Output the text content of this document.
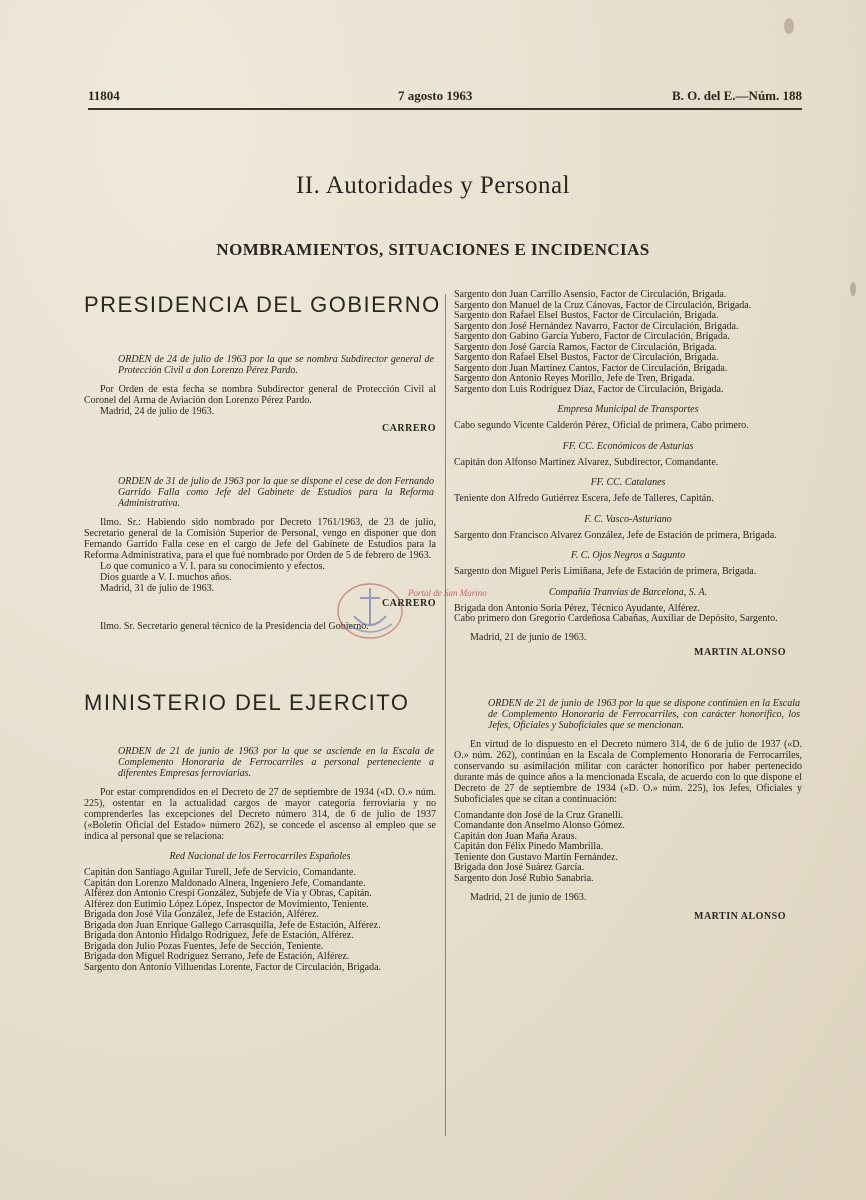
11804	7 agosto 1963	B. O. del E.—Núm. 188
II. Autoridades y Personal
NOMBRAMIENTOS, SITUACIONES E INCIDENCIAS
PRESIDENCIA DEL GOBIERNO
ORDEN de 24 de julio de 1963 por la que se nombra Subdirector general de Protección Civil a don Lorenzo Pérez Pardo.

Por Orden de esta fecha se nombra Subdirector general de Protección Civil al Coronel del Arma de Aviación don Lorenzo Pérez Pardo.

Madrid, 24 de julio de 1963.
CARRERO
ORDEN de 31 de julio de 1963 por la que se dispone el cese de don Fernando Garrido Falla como Jefe del Gabinete de Estudios para la Reforma Administrativa.

Ilmo. Sr.: Habiendo sido nombrado por Decreto 1761/1963, de 23 de julio, Secretario general de la Comisión Superior de Personal, vengo en disponer que don Fernando Garrido Falla cese en el cargo de Jefe del Gabinete de Estudios para la Reforma Administrativa, para el que fué nombrado por Orden de 5 de febrero de 1963.

Lo que comunico a V. I. para su conocimiento y efectos.

Dios guarde a V. I. muchos años.

Madrid, 31 de julio de 1963.
CARRERO

Ilmo. Sr. Secretario general técnico de la Presidencia del Gobierno.

MINISTERIO DEL EJERCITO
ORDEN de 21 de junio de 1963 por la que se asciende en la Escala de Complemento Honoraria de Ferrocarriles a personal perteneciente a diferentes Empresas ferroviarias.

Por estar comprendidos en el Decreto de 27 de septiembre de 1934 («D. O.» núm. 225), ostentar en la actualidad cargos de mayor categoría ferroviaria y no comprenderles las excepciones del Decreto número 314, de 6 de julio de 1937 («Boletín Oficial del Estado» número 262), se concede el ascenso al empleo que se indica al personal que se relaciona:

Red Nacional de los Ferrocarriles Españoles
Capitán don Santiago Aguilar Turell, Jefe de Servicio, Comandante.
Capitán don Lorenzo Maldonado Alnera, Ingeniero Jefe, Comandante.
Alférez don Antonio Crespí González, Subjefe de Vía y Obras, Capitán.
Alférez don Eutimio López López, Inspector de Movimiento, Teniente.
Brigada don José Vila González, Jefe de Estación, Alférez.
Brigada don Juan Enrique Gallego Carrasquilla, Jefe de Estación, Alférez.
Brigada don Antonio Hidalgo Rodríguez, Jefe de Estación, Alférez.
Brigada don Julio Pozas Fuentes, Jefe de Sección, Teniente.
Brigada don Miguel Rodríguez Serrano, Jefe de Estación, Alférez.
Sargento don Antonio Villuendas Lorente, Factor de Circulación, Brigada.
Sargento don Juan Carrillo Asensio, Factor de Circulación, Brigada.
Sargento don Manuel de la Cruz Cánovas, Factor de Circulación, Brigada.
Sargento don Rafael Elsel Bustos, Factor de Circulación, Brigada.
Sargento don José Hernández Navarro, Factor de Circulación, Brigada.
Sargento don Gabino García Yubero, Factor de Circulación, Brigada.
Sargento don José García Ramos, Factor de Circulación, Brigada.
Sargento don Rafael Elsel Bustos, Factor de Circulación, Brigada.
Sargento don Juan Martínez Cantos, Factor de Circulación, Brigada.
Sargento don Antonio Reyes Morillo, Jefe de Tren, Brigada.
Sargento don Luis Rodríguez Díaz, Factor de Circulación, Brigada.
Empresa Municipal de Transportes
Cabo segundo Vicente Calderón Pérez, Oficial de primera, Cabo primero.
FF. CC. Económicos de Asturias
Capitán don Alfonso Martínez Alvarez, Subdirector, Comandante.
FF. CC. Catalanes
Teniente don Alfredo Gutiérrez Escera, Jefe de Talleres, Capitán.
F. C. Vasco-Asturiano
Sargento don Francisco Alvarez González, Jefe de Estación de primera, Brigada.
F. C. Ojos Negros a Sagunto
Sargento don Miguel Peris Limiñana, Jefe de Estación de primera, Brigada.
Compañía Tranvías de Barcelona, S. A.
Brigada don Antonio Soria Pérez, Técnico Ayudante, Alférez.
Cabo primero don Gregorio Cardeñosa Cabañas, Auxiliar de Depósito, Sargento.
Madrid, 21 de junio de 1963.
MARTIN ALONSO
ORDEN de 21 de junio de 1963 por la que se dispone continúen en la Escala de Complemento Honoraria de Ferrocarriles, con carácter honorífico, los Jefes, Oficiales y Suboficiales que se mencionan.

En virtud de lo dispuesto en el Decreto número 314, de 6 de julio de 1937 («D. O.» núm. 262), continúan en la Escala de Complemento Honoraria de Ferrocarriles, conservando su asimilación militar con carácter honorífico por haber pertenecido durante más de quince años a la mencionada Escala, de acuerdo con lo que dispone el Decreto de 27 de septiembre de 1934 («D. O.» núm. 225), los Jefes, Oficiales y Suboficiales que se citan a continuación:

Comandante don José de la Cruz Granelli.
Comandante don Anselmo Alonso Gómez.
Capitán don Juan Maña Araus.
Capitán don Félix Pinedo Mambrilla.
Teniente don Gustavo Martín Fernández.
Brigada don José Suárez García.
Sargento don José Rubio Sanabria.
Madrid, 21 de junio de 1963.
MARTIN ALONSO
Portal de San Marino
